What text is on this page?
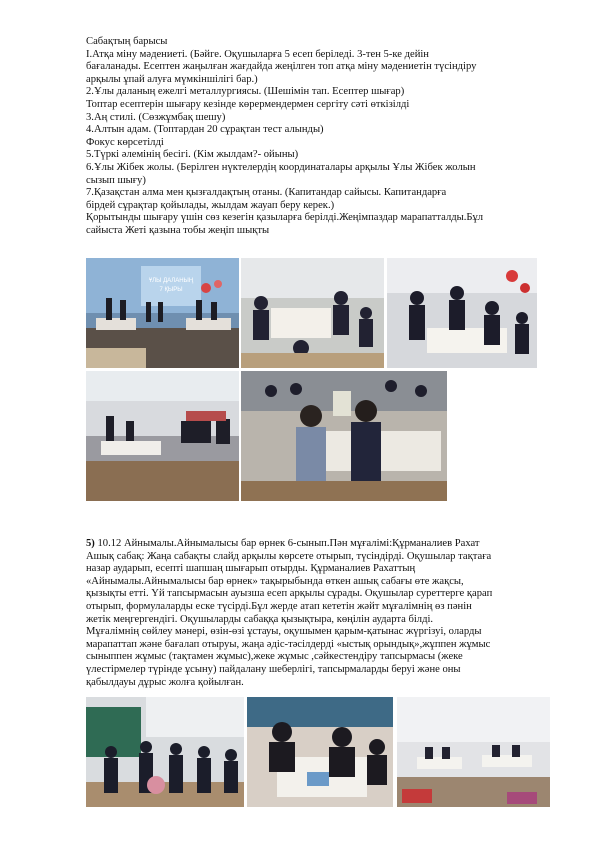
Сабақтың барысы
І.Атқа міну мәдениеті. (Бәйге. Оқушыларға 5 есеп беріледі. 3-тен 5-ке дейін
бағаланады. Есептен жаңылған жағдайда жеңілген топ атқа міну мәдениетін түсіндіру
арқылы ұпай алуға мүмкіншілігі бар.)
2.Ұлы даланың ежелгі металлургиясы. (Шешімін тап. Есептер шығар)
Топтар есептерін шығару кезінде көрермендермен сергіту сәті өткізілді
3.Аң стилі. (Сөзжұмбақ шешу)
4.Алтын адам. (Топтардан 20 сұрақтан тест алынды)
Фокус көрсетілді
5.Түркі әлемінің бесігі. (Кім жылдам?- ойыны)
6.Ұлы Жібек жолы. (Берілген нүктелердің координаталары арқылы Ұлы Жібек жолын
сызып шығу)
7.Қазақстан алма мен қызғалдақтың отаны. (Капитандар сайысы. Капитандарға
бірдей сұрақтар қойылады, жылдам жауап беру керек.)
Қорытынды шығару үшін сөз кезегін қазыларға берілді.Жеңімпаздар марапатталды.Бұл
сайыста Жеті қазына тобы жеңіп шықты
ҰЛЫ ДАЛАНЫҢ 7 ҚЫРЫ
5) 10.12 Айнымалы.Айнымалысы бар өрнек 6-сынып.Пән мұғалімі:Құрманалиев Рахат
Ашық сабақ: Жаңа сабақты слайд арқылы көрсете отырып, түсіндірді. Оқушылар тақтаға
назар аударып, есепті шапшаң шығарып отырды. Құрманалиев Рахаттың
«Айнымалы.Айнымалысы бар өрнек» тақырыбында өткен ашық сабағы өте жақсы,
қызықты етті. Үй тапсырмасын ауызша есеп арқылы сұрады. Оқушылар суреттерге қарап
отырып, формулаларды еске түсірді.Бұл жерде атап кететін жәйт мұғалімнің өз пәнін
жетік меңгергендігі. Оқушыларды сабаққа қызықтыра, көңілін аударта білді.
Мұғалімнің сөйлеу мәнері, өзін-өзі ұстауы, оқушымен қарым-қатынас жүргізуі, оларды
марапаттап және бағалап отыруы, жаңа әдіс-тәсілдерді «ыстық орындық»,жұппен жұмыс
сыныппен жұмыс (тақтамен жұмыс),жеке жұмыс ,сәйкестендіру тапсырмасы (жеке
үлестірмелер түрінде ұсыну) пайдалану шеберлігі, тапсырмаларды беруі және оны
қабылдауы дұрыс жолға қойылған.
